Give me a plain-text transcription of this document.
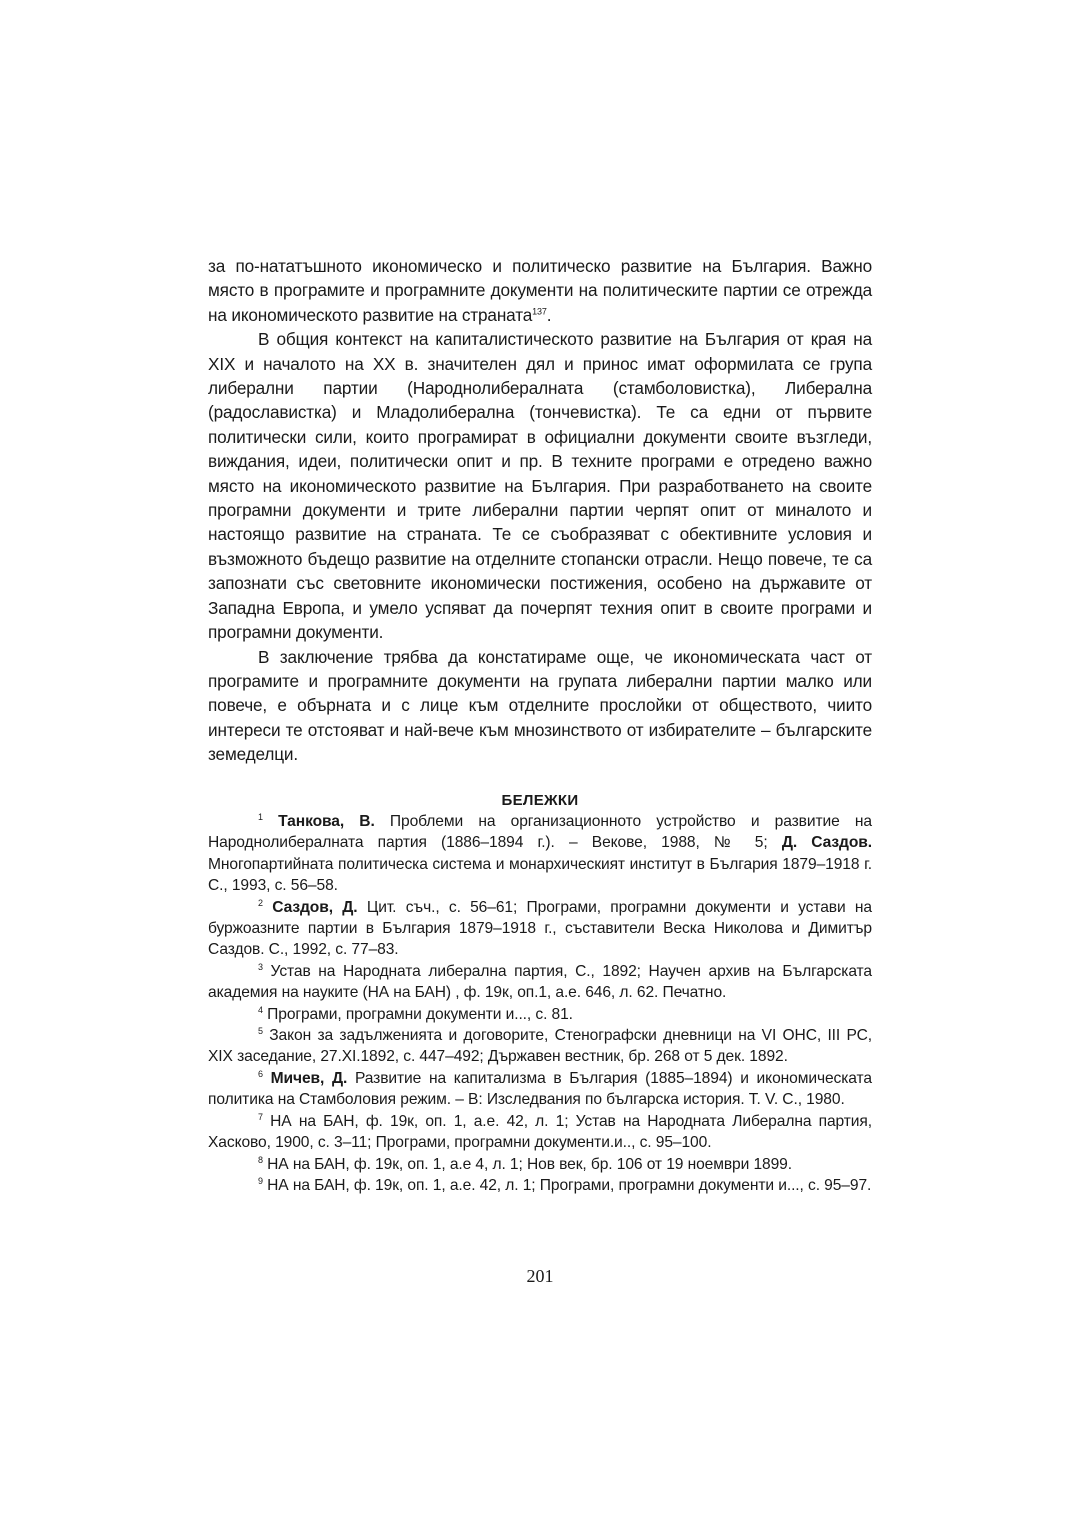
за по-нататъшното икономическо и политическо развитие на България. Важно място в програмите и програмните документи на политическите партии се отрежда на икономическото развитие на страната$^{137}$.

В общия контекст на капиталистическото развитие на България от края на XIX и началото на XX в. значителен дял и принос имат оформилата се група либерални партии (Народнолибералната (стамболовистка), Либерална (радославистка) и Младолиберална (тончевистка). Те са едни от първите политически сили, които програмират в официални документи своите възгледи, виждания, идеи, политически опит и пр. В техните програми е отредено важно място на икономическото развитие на България. При разработването на своите програмни документи и трите либерални партии черпят опит от миналото и настоящо развитие на страната. Те се съобразяват с обективните условия и възможното бъдещо развитие на отделните стопански отрасли. Нещо повече, те са запознати със световните икономически постижения, особено на държавите от Западна Европа, и умело успяват да почерпят техния опит в своите програми и програмни документи.

В заключение трябва да констатираме още, че икономическата част от програмите и програмните документи на групата либерални партии малко или повече, е обърната и с лице към отделните прослойки от обществото, чиито интереси те отстояват и най-вече към мнозинството от избирателите – българските земеделци.

БЕЛЕЖКИ

$^1$ Танкова, В. Проблеми на организационното устройство и развитие на Народнолибералната партия (1886–1894 г.). – Векове, 1988, № 5; Д. Саздов. Многопартийната политическа система и монархическият институт в България 1879–1918 г. С., 1993, с. 56–58.

$^2$ Саздов, Д. Цит. съч., с. 56–61; Програми, програмни документи и устави на буржоазните партии в България 1879–1918 г., съставители Веска Николова и Димитър Саздов. С., 1992, с. 77–83.

$^3$ Устав на Народната либерална партия, С., 1892; Научен архив на Българската академия на науките (НА на БАН) , ф. 19к, оп.1, а.е. 646, л. 62. Печатно.

$^4$ Програми, програмни документи и..., с. 81.

$^5$ Закон за задълженията и договорите, Стенографски дневници на VI ОНС, III РС, XIX заседание, 27.XI.1892, с. 447–492; Държавен вестник, бр. 268 от 5 дек. 1892.

$^6$ Мичев, Д. Развитие на капитализма в България (1885–1894) и икономическата политика на Стамболовия режим. – В: Изследвания по българска история. Т. V. С., 1980.

$^7$ НА на БАН, ф. 19к, оп. 1, а.е. 42, л. 1; Устав на Народната Либерална партия, Хасково, 1900, с. 3–11; Програми, програмни документи.и.., с. 95–100.

$^8$ НА на БАН, ф. 19к, оп. 1, а.е 4, л. 1; Нов век, бр. 106 от 19 ноември 1899.

$^9$ НА на БАН, ф. 19к, оп. 1, а.е. 42, л. 1; Програми, програмни документи и..., с. 95–97.

201
